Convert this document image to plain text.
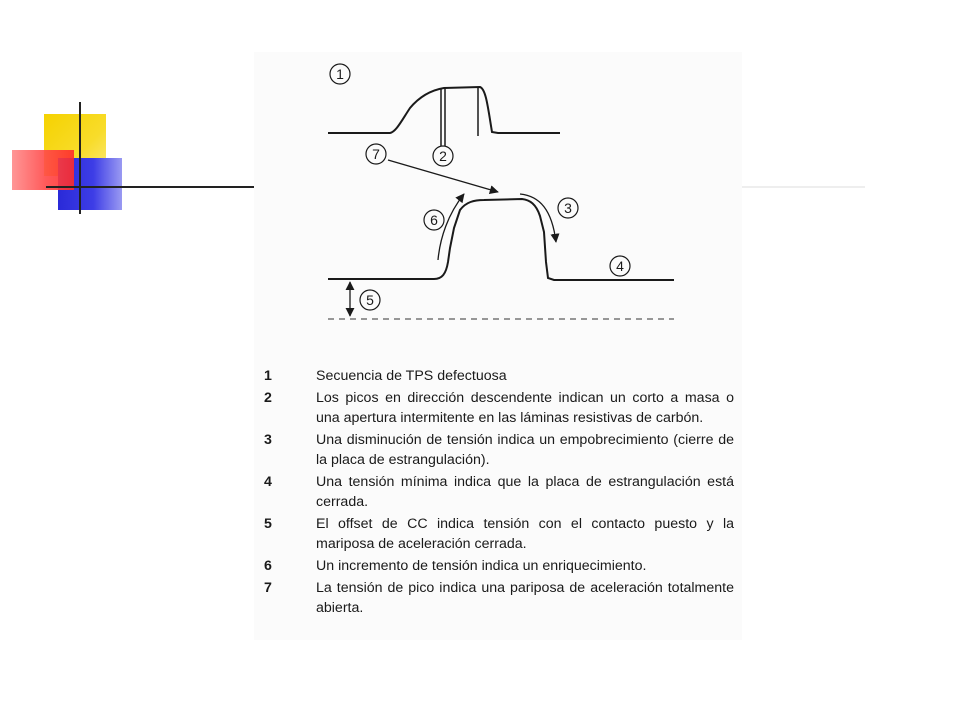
1
2
3
4
5
6
7
1	Secuencia de TPS defectuosa
2	Los picos en dirección descendente indican un corto a masa o una apertura intermitente en las láminas resistivas de carbón.
3	Una disminución de tensión indica un empobrecimiento (cierre de la placa de estrangulación).
4	Una tensión mínima indica que la placa de estrangulación está cerrada.
5	El offset de CC indica tensión con el contacto puesto y la mariposa de aceleración cerrada.
6	Un incremento de tensión indica un enriquecimiento.
7	La tensión de pico indica una pariposa de aceleración totalmente abierta.
